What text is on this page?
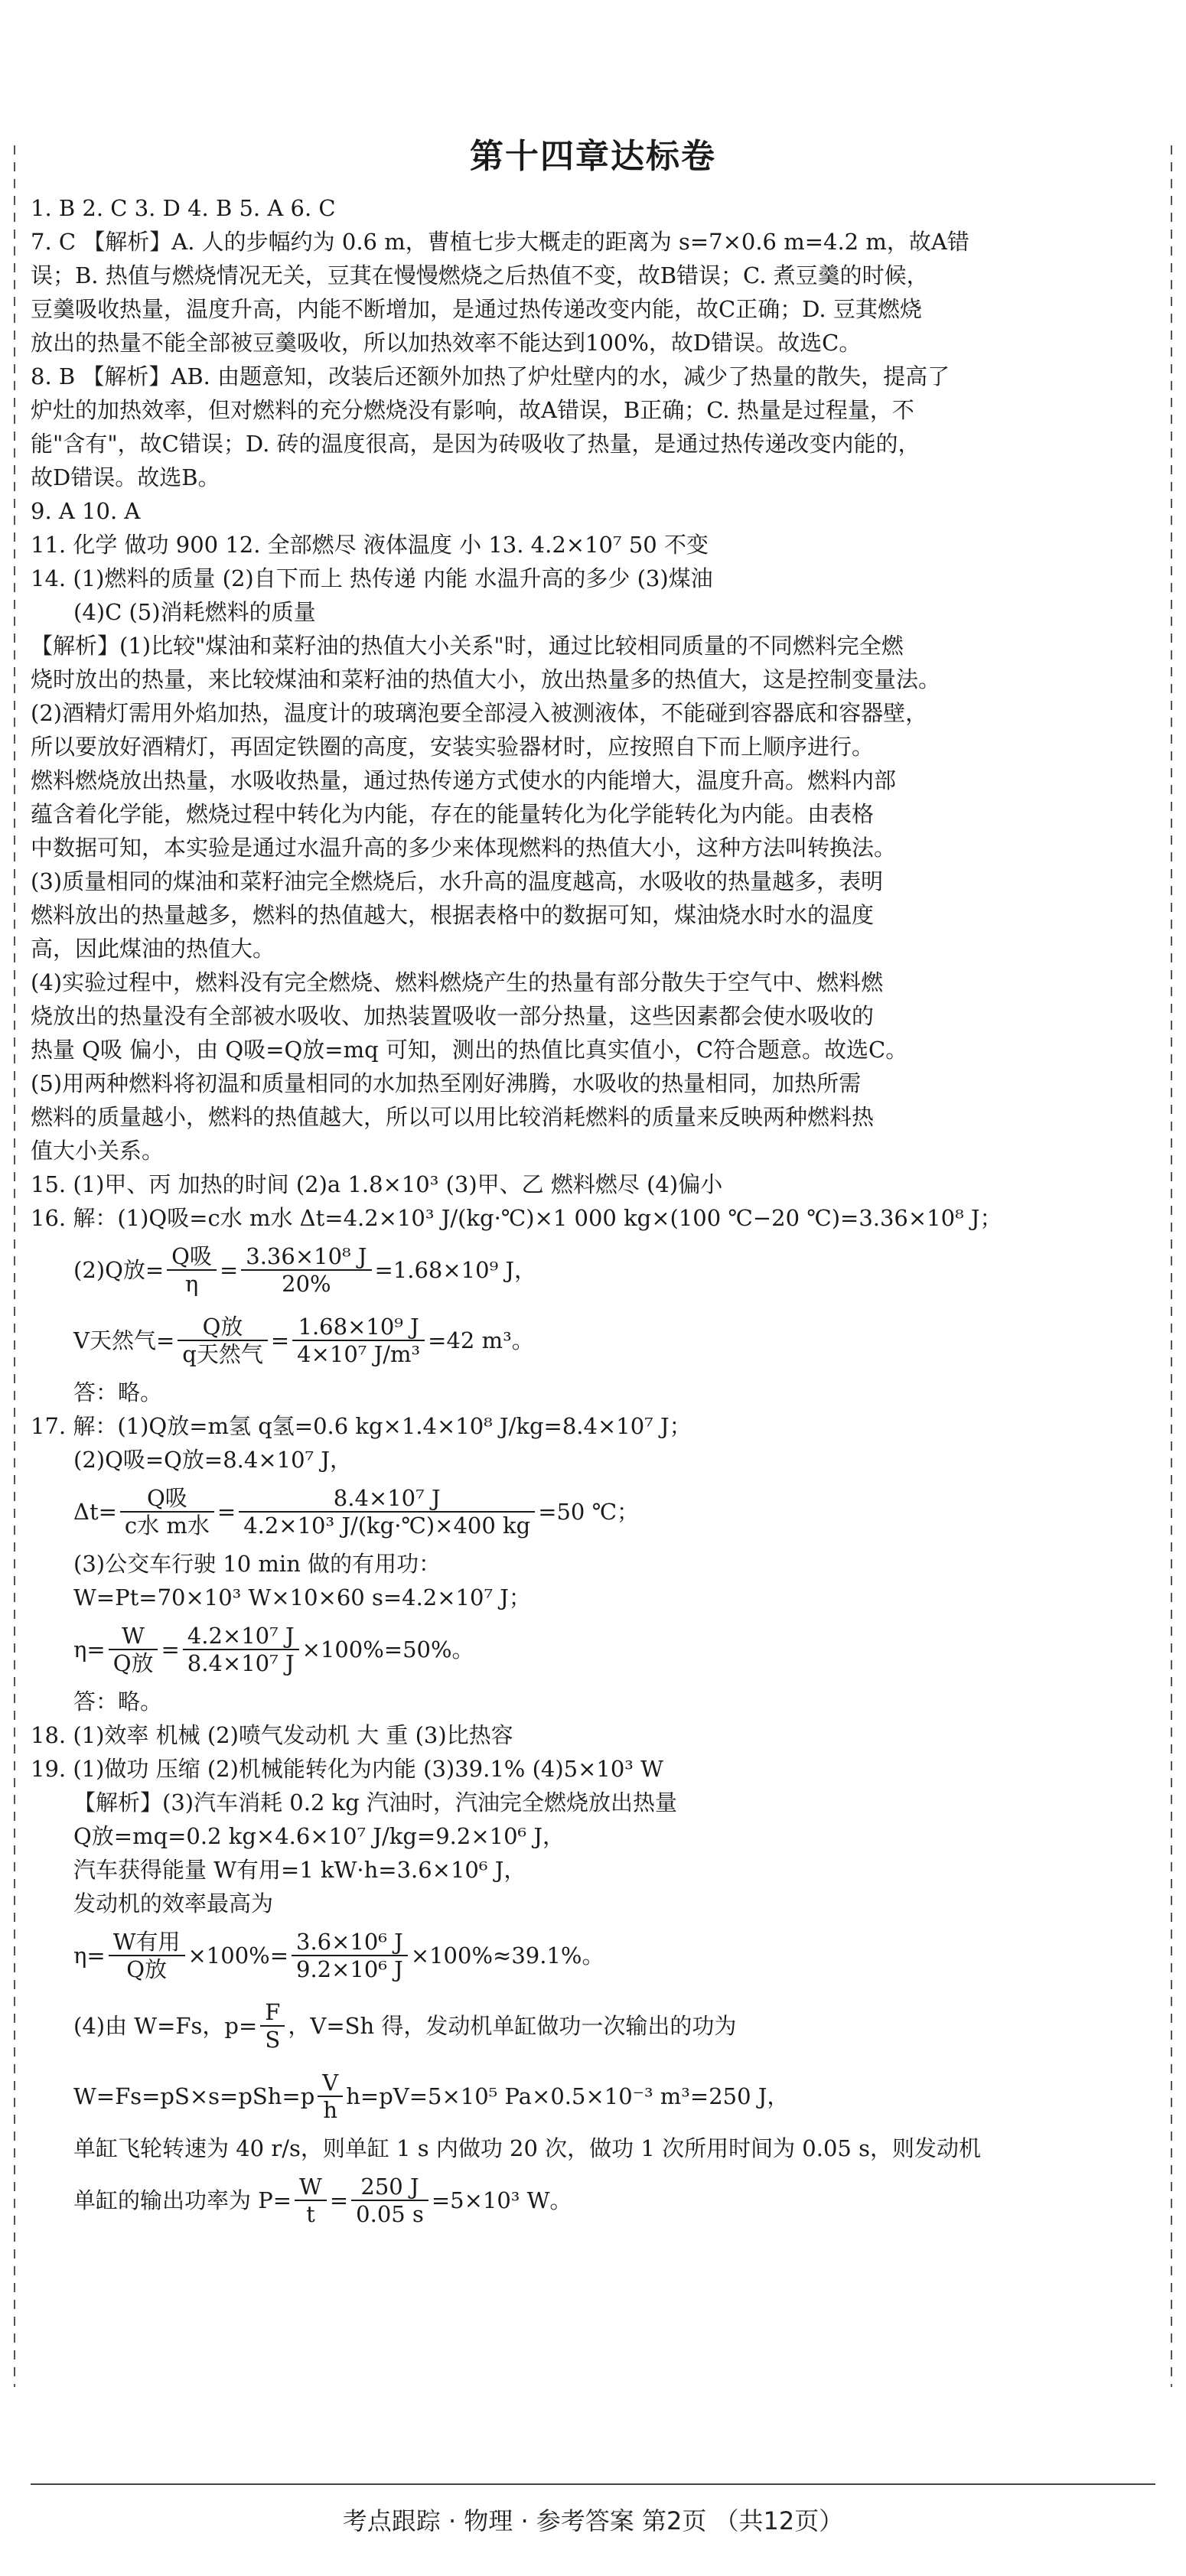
第十四章达标卷
1. B 2. C 3. D 4. B 5. A 6. C
7. C 【解析】A. 人的步幅约为 0.6 m，曹植七步大概走的距离为 s=7×0.6 m=4.2 m，故A错
误；B. 热值与燃烧情况无关，豆萁在慢慢燃烧之后热值不变，故B错误；C. 煮豆羹的时候，
豆羹吸收热量，温度升高，内能不断增加，是通过热传递改变内能，故C正确；D. 豆萁燃烧
放出的热量不能全部被豆羹吸收，所以加热效率不能达到100%，故D错误。故选C。
8. B 【解析】AB. 由题意知，改装后还额外加热了炉灶壁内的水，减少了热量的散失，提高了
炉灶的加热效率，但对燃料的充分燃烧没有影响，故A错误，B正确；C. 热量是过程量，不
能"含有"，故C错误；D. 砖的温度很高，是因为砖吸收了热量，是通过热传递改变内能的，
故D错误。故选B。
9. A 10. A
11. 化学 做功 900 12. 全部燃尽 液体温度 小 13. 4.2×10⁷ 50 不变
14. (1)燃料的质量 (2)自下而上 热传递 内能 水温升高的多少 (3)煤油
(4)C (5)消耗燃料的质量
【解析】(1)比较"煤油和菜籽油的热值大小关系"时，通过比较相同质量的不同燃料完全燃
烧时放出的热量，来比较煤油和菜籽油的热值大小，放出热量多的热值大，这是控制变量法。
(2)酒精灯需用外焰加热，温度计的玻璃泡要全部浸入被测液体，不能碰到容器底和容器壁，
所以要放好酒精灯，再固定铁圈的高度，安装实验器材时，应按照自下而上顺序进行。
燃料燃烧放出热量，水吸收热量，通过热传递方式使水的内能增大，温度升高。燃料内部
蕴含着化学能，燃烧过程中转化为内能，存在的能量转化为化学能转化为内能。由表格
中数据可知，本实验是通过水温升高的多少来体现燃料的热值大小，这种方法叫转换法。
(3)质量相同的煤油和菜籽油完全燃烧后，水升高的温度越高，水吸收的热量越多，表明
燃料放出的热量越多，燃料的热值越大，根据表格中的数据可知，煤油烧水时水的温度
高，因此煤油的热值大。
(4)实验过程中，燃料没有完全燃烧、燃料燃烧产生的热量有部分散失于空气中、燃料燃
烧放出的热量没有全部被水吸收、加热装置吸收一部分热量，这些因素都会使水吸收的
热量 Q吸 偏小，由 Q吸=Q放=mq 可知，测出的热值比真实值小，C符合题意。故选C。
(5)用两种燃料将初温和质量相同的水加热至刚好沸腾，水吸收的热量相同，加热所需
燃料的质量越小，燃料的热值越大，所以可以用比较消耗燃料的质量来反映两种燃料热
值大小关系。
15. (1)甲、丙 加热的时间 (2)a 1.8×10³ (3)甲、乙 燃料燃尽 (4)偏小
16. 解：(1)Q吸=c水 m水 Δt=4.2×10³ J/(kg·℃)×1 000 kg×(100 ℃−20 ℃)=3.36×10⁸ J；
(2)Q放= $\frac{\text{Q吸}}{\eta} = \frac{\text{3.36×10⁸ J}}{20\%} =1.68\times 10^9$ J，
V天然气= $\frac{\text{Q放}}{\text{q天然气}} = \frac{\text{1.68×10⁹ J}}{\text{4×10⁷ J/m³}} =42$ m³。
答：略。
17. 解：(1)Q放=m氢 q氢=0.6 kg×1.4×10⁸ J/kg=8.4×10⁷ J；
(2)Q吸=Q放=8.4×10⁷ J，
$\Delta t= \frac{\text{Q吸}}{\text{c水 m水}} = \frac{\text{8.4×10⁷ J}}{\text{4.2×10³ J/(kg·℃)×400 kg}} =50$ ℃；
(3)公交车行驶 10 min 做的有用功：
W=Pt=70×10³ W×10×60 s=4.2×10⁷ J；
$\eta= \frac{W}{\text{Q放}} = \frac{\text{4.2×10⁷ J}}{\text{8.4×10⁷ J}} \times 100\%=50\%$。
答：略。
18. (1)效率 机械 (2)喷气发动机 大 重 (3)比热容
19. (1)做功 压缩 (2)机械能转化为内能 (3)39.1% (4)5×10³ W
【解析】(3)汽车消耗 0.2 kg 汽油时，汽油完全燃烧放出热量
Q放=mq=0.2 kg×4.6×10⁷ J/kg=9.2×10⁶ J，
汽车获得能量 W有用=1 kW·h=3.6×10⁶ J，
发动机的效率最高为
$\eta= \frac{\text{W有用}}{\text{Q放}} \times 100\%= \frac{\text{3.6×10⁶ J}}{\text{9.2×10⁶ J}} \times 100\%\approx 39.1\%$。
(4)由 W=Fs，$p= \frac{F}{S}$ ，V=Sh 得，发动机单缸做功一次输出的功为
$W=Fs=pS\times s=pSh=p \frac{V}{h} h=pV=5\times 10^5$ Pa×0.5×10⁻³ m³=250 J，
单缸飞轮转速为 40 r/s，则单缸 1 s 内做功 20 次，做功 1 次所用时间为 0.05 s，则发动机
单缸的输出功率为 $P= \frac{W}{t} = \frac{250 J}{0.05 s} =5\times 10^3$ W。
考点跟踪 · 物理 · 参考答案 第2页 （共12页）
